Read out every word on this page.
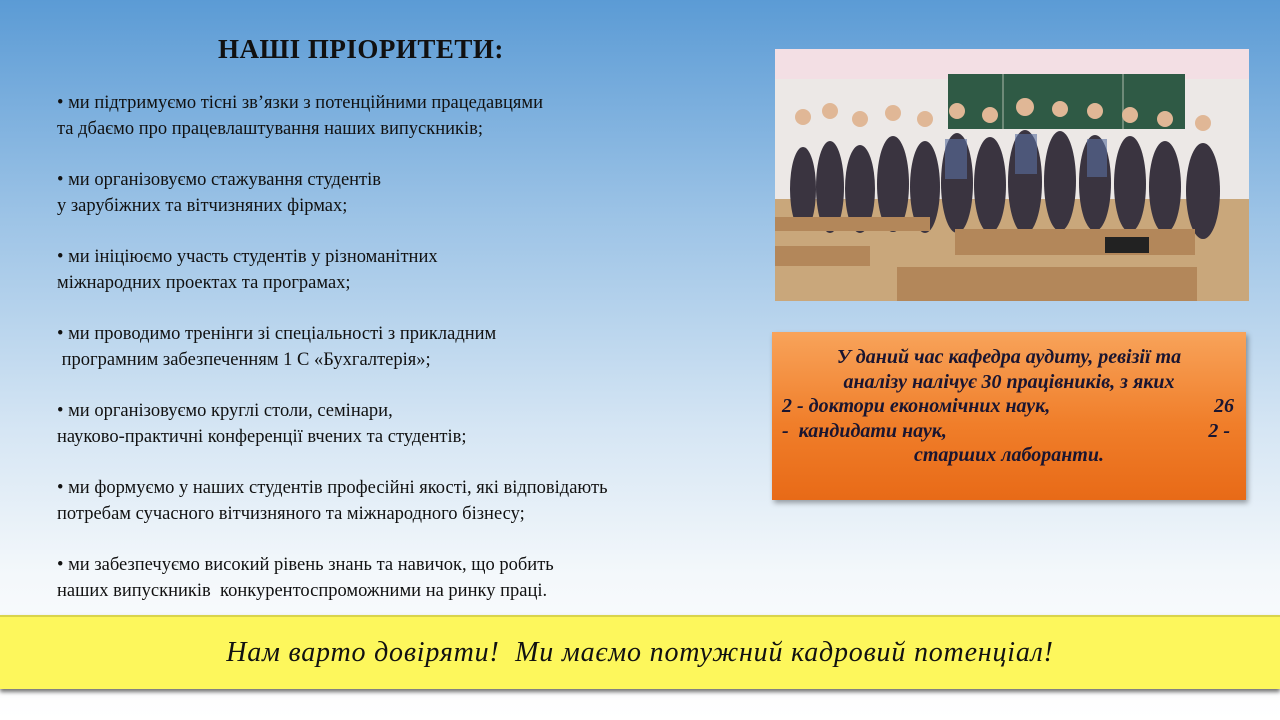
НАШІ ПРІОРИТЕТИ:
• ми підтримуємо тісні зв’язки з потенційними працедавцями
та дбаємо про працевлаштування наших випускників;
• ми організовуємо стажування студентів
у зарубіжних та вітчизняних фірмах;
• ми ініціюємо участь студентів у різноманітних
міжнародних проектах та програмах;
• ми проводимо тренінги зі спеціальності з прикладним
програмним забезпеченням 1 С «Бухгалтерія»;
• ми організовуємо круглі столи, семінари,
науково-практичні конференції вчених та студентів;
• ми формуємо у наших студентів професійні якості, які відповідають
потребам сучасного вітчизняного та міжнародного бізнесу;
• ми забезпечуємо високий рівень знань та навичок, що робить
наших випускників  конкурентоспроможними на ринку праці.
У даний час кафедра аудиту, ревізії та
аналізу налічує 30 працівників, з яких
2 - доктори економічних наук,	26
-  кандидати наук,	2 -
старших лаборанти.
Нам варто довіряти!  Ми маємо потужний кадровий потенціал!
